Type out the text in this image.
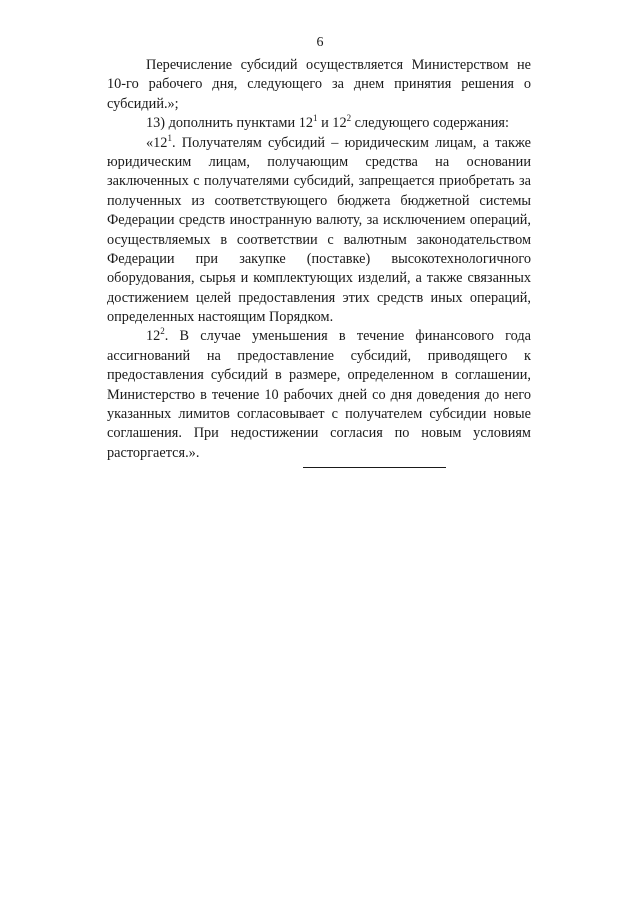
6
Перечисление субсидий осуществляется Министерством не
10-го рабочего дня, следующего за днем принятия решения о
субсидий.»;
13) дополнить пунктами $12^1$ и $12^2$ следующего содержания:
«$12^1$. Получателям субсидий – юридическим лицам, а также
юридическим лицам, получающим средства на основании
заключенных с получателями субсидий, запрещается приобретать за
полученных из соответствующего бюджета бюджетной системы
Федерации средств иностранную валюту, за исключением операций,
осуществляемых в соответствии с валютным законодательством
Федерации при закупке (поставке) высокотехнологичного
оборудования, сырья и комплектующих изделий, а также связанных
достижением целей предоставления этих средств иных операций,
определенных настоящим Порядком.
$12^2$. В случае уменьшения в течение финансового года
ассигнований на предоставление субсидий, приводящего к
предоставления субсидий в размере, определенном в соглашении,
Министерство в течение 10 рабочих дней со дня доведения до него
указанных лимитов согласовывает с получателем субсидии новые
соглашения. При недостижении согласия по новым условиям
расторгается.».
